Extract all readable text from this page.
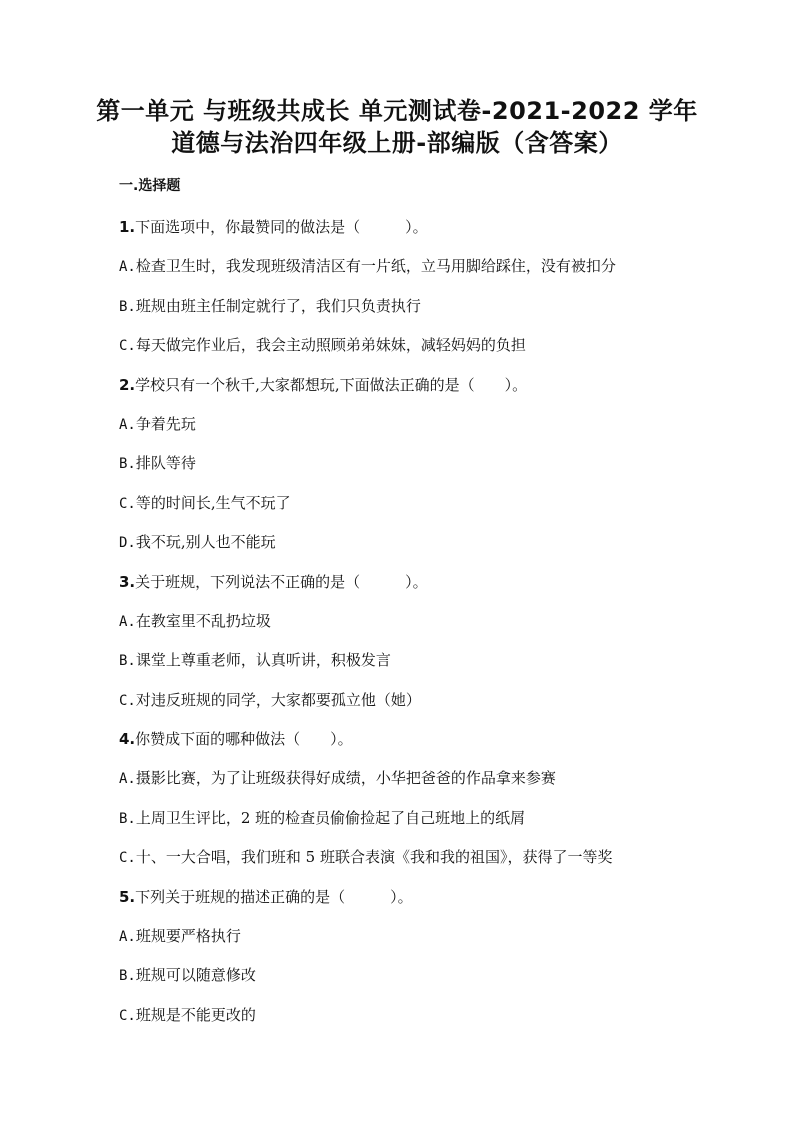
第一单元 与班级共成长 单元测试卷-2021-2022 学年
道德与法治四年级上册-部编版（含答案）
一.选择题
1.下面选项中，你最赞同的做法是（　　　）。
A.检查卫生时，我发现班级清洁区有一片纸，立马用脚给踩住，没有被扣分
B.班规由班主任制定就行了，我们只负责执行
C.每天做完作业后，我会主动照顾弟弟妹妹，减轻妈妈的负担
2.学校只有一个秋千,大家都想玩,下面做法正确的是（　　）。
A.争着先玩
B.排队等待
C.等的时间长,生气不玩了
D.我不玩,别人也不能玩
3.关于班规，下列说法不正确的是（　　　）。
A.在教室里不乱扔垃圾
B.课堂上尊重老师，认真听讲，积极发言
C.对违反班规的同学，大家都要孤立他（她）
4.你赞成下面的哪种做法（　　）。
A.摄影比赛，为了让班级获得好成绩，小华把爸爸的作品拿来参赛
B.上周卫生评比，2 班的检查员偷偷捡起了自己班地上的纸屑
C.十、一大合唱，我们班和 5 班联合表演《我和我的祖国》，获得了一等奖
5.下列关于班规的描述正确的是（　　　）。
A.班规要严格执行
B.班规可以随意修改
C.班规是不能更改的
